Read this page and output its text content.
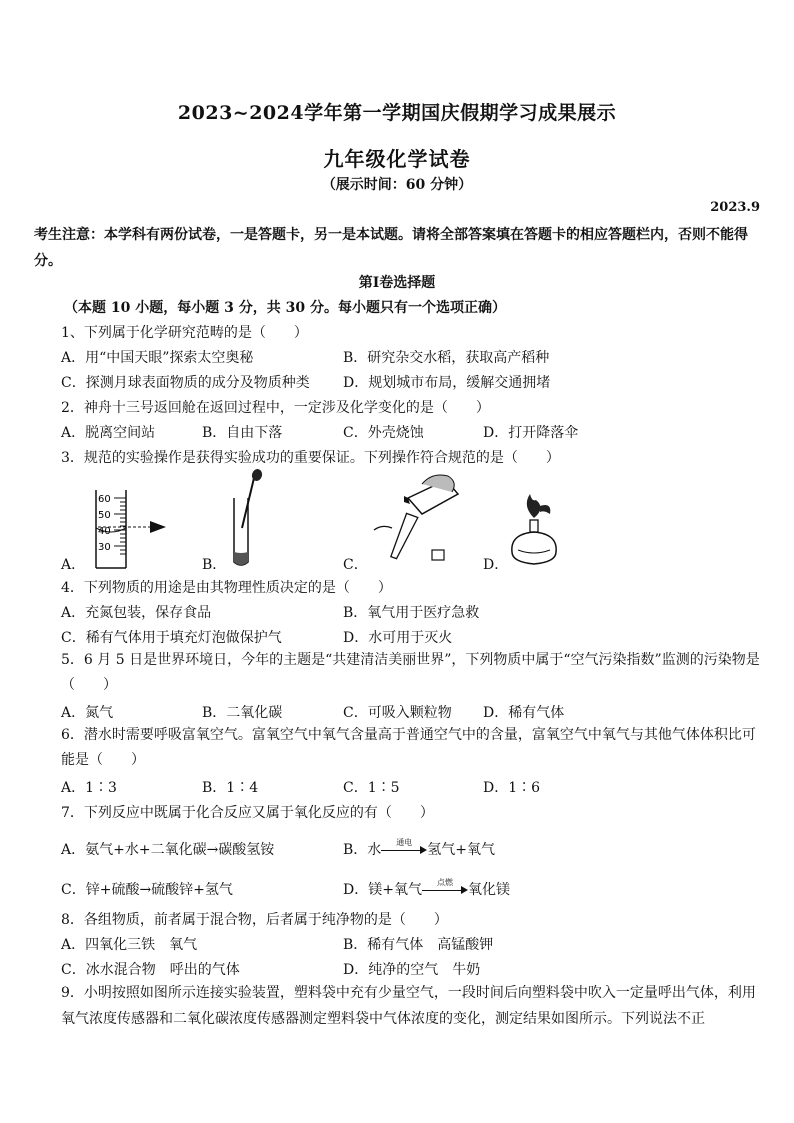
2023~2024学年第一学期国庆假期学习成果展示
九年级化学试卷
（展示时间：60 分钟）
2023.9
考生注意：本学科有两份试卷，一是答题卡，另一是本试题。请将全部答案填在答题卡的相应答题栏内，否则不能得分。
第Ⅰ卷选择题
（本题 10 小题，每小题 3 分，共 30 分。每小题只有一个选项正确）
1、下列属于化学研究范畴的是（　　）
A．用“中国天眼”探索太空奥秘	B．研究杂交水稻，获取高产稻种
C．探测月球表面物质的成分及物质种类 D．规划城市布局，缓解交通拥堵
2．神舟十三号返回舱在返回过程中，一定涉及化学变化的是（　　）
A．脱离空间站	B．自由下落	C．外壳烧蚀	D．打开降落伞
3．规范的实验操作是获得实验成功的重要保证。下列操作符合规范的是（　　）
60
50
40
30
A．	B．	C．	D．
4．下列物质的用途是由其物理性质决定的是（　　）
A．充氮包装，保存食品	B．氧气用于医疗急救
C．稀有气体用于填充灯泡做保护气	D．水可用于灭火
5．6 月 5 日是世界环境日，今年的主题是“共建清洁美丽世界”，下列物质中属于“空气污染指数”监测的污染物是（　　）
A．氮气	B．二氧化碳	C．可吸入颗粒物 D．稀有气体
6．潜水时需要呼吸富氧空气。富氧空气中氧气含量高于普通空气中的含量，富氧空气中氧气与其他气体体积比可能是（　　）
A．1∶3	B．1∶4	C．1∶5	D．1∶6
7．下列反应中既属于化合反应又属于氧化反应的有（　　）
A．氨气+水+二氧化碳→碳酸氢铵	B．水	通电	氢气+氧气
C．锌+硫酸→硫酸锌+氢气	D．镁+氧气	点燃	氧化镁
8．各组物质，前者属于混合物，后者属于纯净物的是（　　）
A．四氧化三铁　氧气	B．稀有气体　高锰酸钾
C．冰水混合物　呼出的气体	D．纯净的空气　牛奶
9．小明按照如图所示连接实验装置，塑料袋中充有少量空气，一段时间后向塑料袋中吹入一定量呼出气体，利用氧气浓度传感器和二氧化碳浓度传感器测定塑料袋中气体浓度的变化，测定结果如图所示。下列说法不正
